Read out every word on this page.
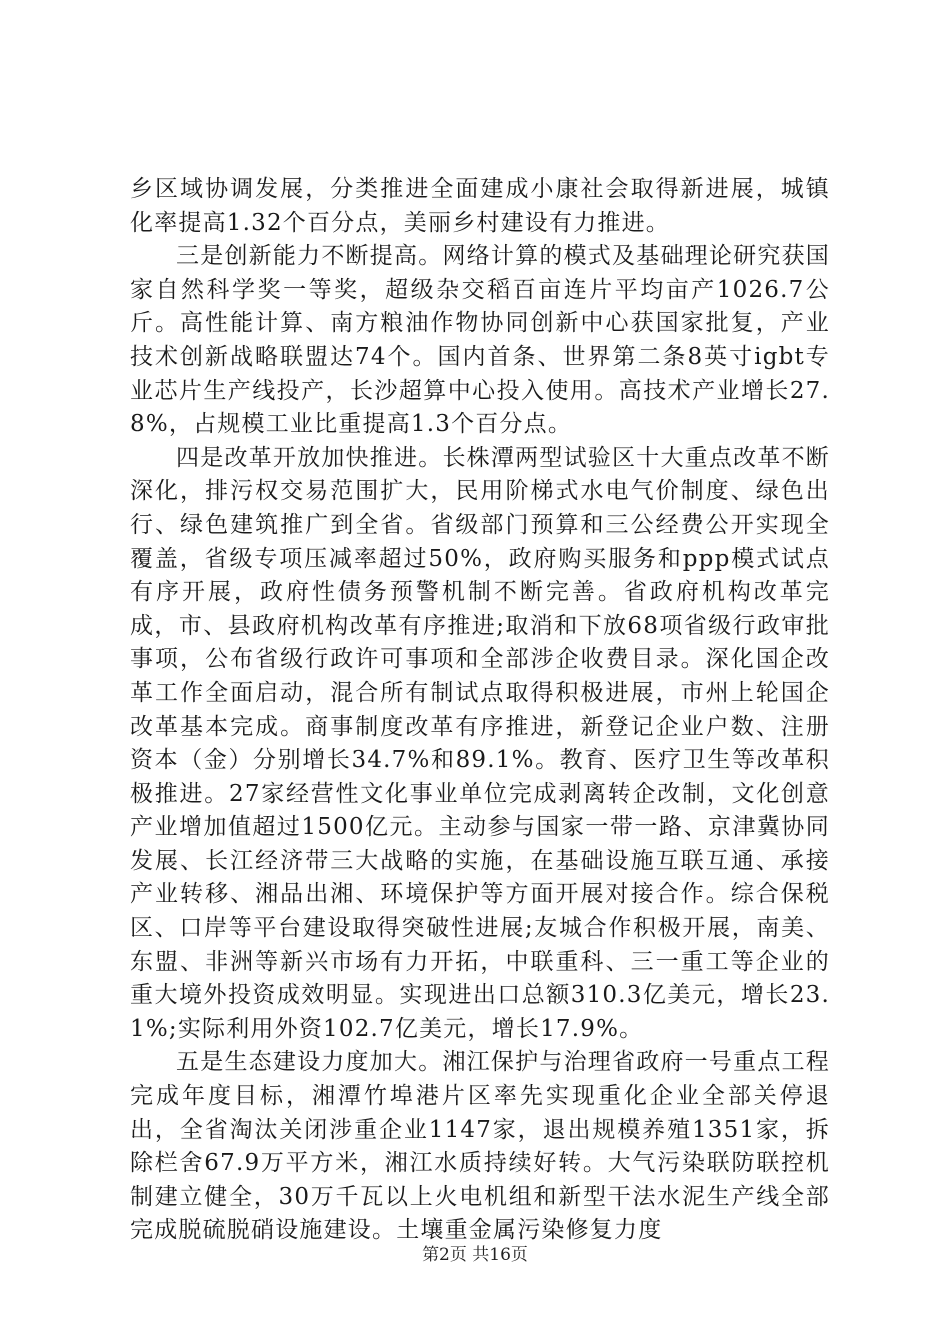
乡区域协调发展，分类推进全面建成小康社会取得新进展，城镇化率提高1.32个百分点，美丽乡村建设有力推进。

三是创新能力不断提高。网络计算的模式及基础理论研究获国家自然科学奖一等奖，超级杂交稻百亩连片平均亩产1026.7公斤。高性能计算、南方粮油作物协同创新中心获国家批复，产业技术创新战略联盟达74个。国内首条、世界第二条8英寸igbt专业芯片生产线投产，长沙超算中心投入使用。高技术产业增长27.8%，占规模工业比重提高1.3个百分点。

四是改革开放加快推进。长株潭两型试验区十大重点改革不断深化，排污权交易范围扩大，民用阶梯式水电气价制度、绿色出行、绿色建筑推广到全省。省级部门预算和三公经费公开实现全覆盖，省级专项压减率超过50%，政府购买服务和ppp模式试点有序开展，政府性债务预警机制不断完善。省政府机构改革完成，市、县政府机构改革有序推进;取消和下放68项省级行政审批事项，公布省级行政许可事项和全部涉企收费目录。深化国企改革工作全面启动，混合所有制试点取得积极进展，市州上轮国企改革基本完成。商事制度改革有序推进，新登记企业户数、注册资本（金）分别增长34.7%和89.1%。教育、医疗卫生等改革积极推进。27家经营性文化事业单位完成剥离转企改制，文化创意产业增加值超过1500亿元。主动参与国家一带一路、京津冀协同发展、长江经济带三大战略的实施，在基础设施互联互通、承接产业转移、湘品出湘、环境保护等方面开展对接合作。综合保税区、口岸等平台建设取得突破性进展;友城合作积极开展，南美、东盟、非洲等新兴市场有力开拓，中联重科、三一重工等企业的重大境外投资成效明显。实现进出口总额310.3亿美元，增长23.1%;实际利用外资102.7亿美元，增长17.9%。

五是生态建设力度加大。湘江保护与治理省政府一号重点工程完成年度目标，湘潭竹埠港片区率先实现重化企业全部关停退出，全省淘汰关闭涉重企业1147家，退出规模养殖1351家，拆除栏舍67.9万平方米，湘江水质持续好转。大气污染联防联控机制建立健全，30万千瓦以上火电机组和新型干法水泥生产线全部完成脱硫脱硝设施建设。土壤重金属污染修复力度

第2页 共16页
